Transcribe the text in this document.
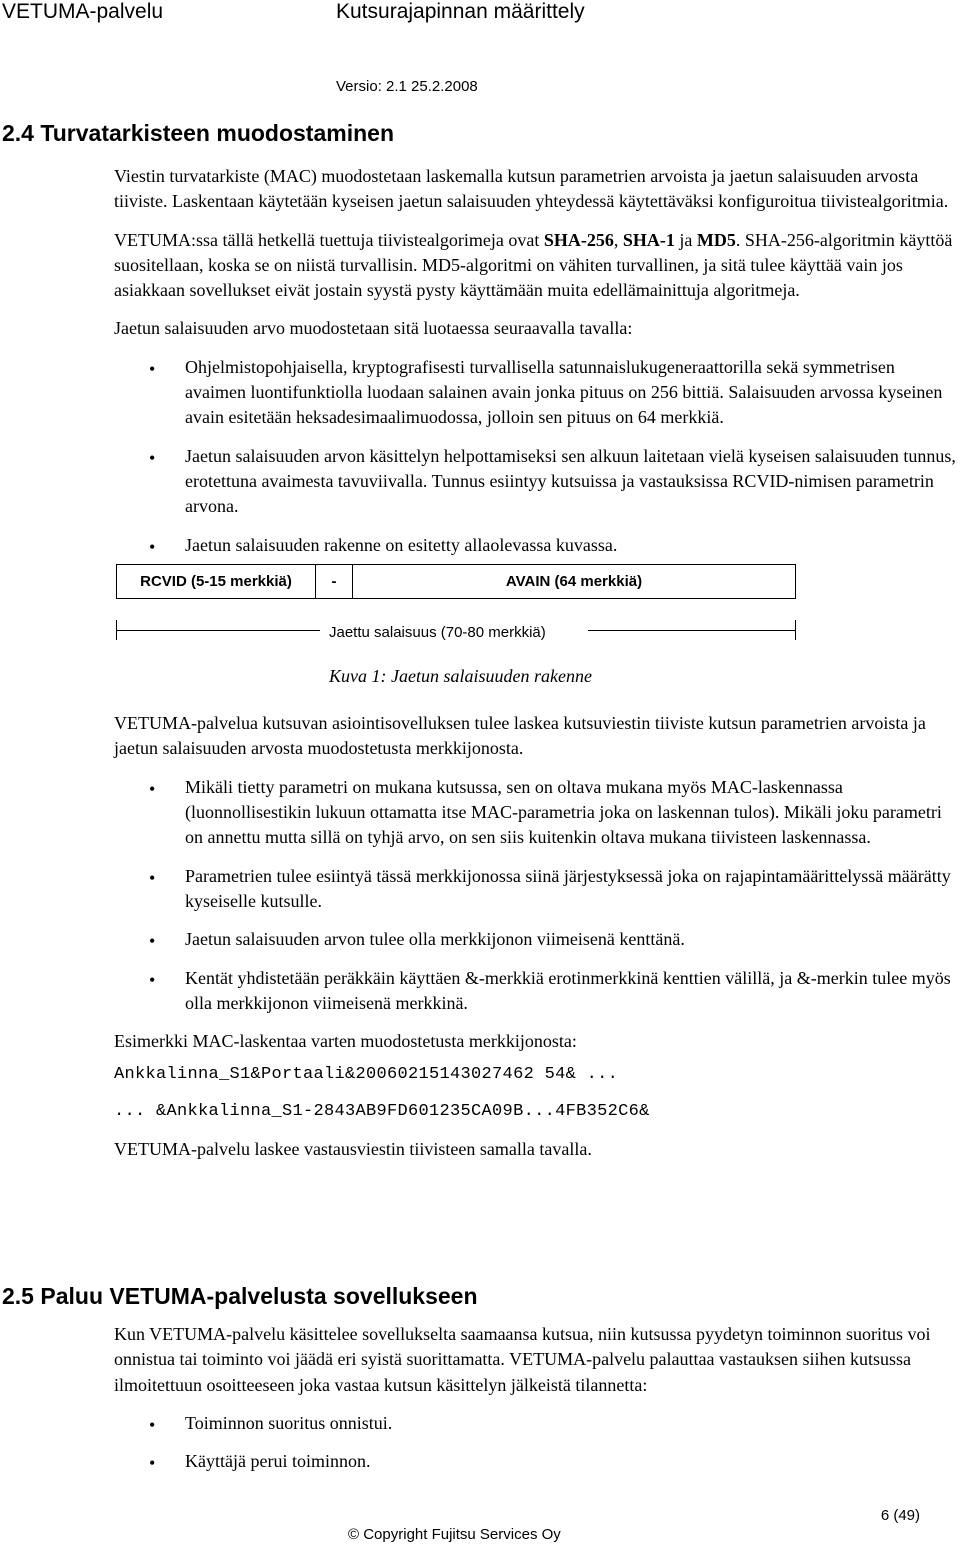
VETUMA-palvelu	Kutsurajapinnan määrittely
Versio: 2.1 25.2.2008
2.4 Turvatarkisteen muodostaminen

Viestin turvatarkiste (MAC) muodostetaan laskemalla kutsun parametrien arvoista ja jaetun salaisuuden arvosta tiiviste. Laskentaan käytetään kyseisen jaetun salaisuuden yhteydessä käytettäväksi konfiguroitua tiivistealgoritmia.

VETUMA:ssa tällä hetkellä tuettuja tiivistealgorimeja ovat SHA-256, SHA-1 ja MD5. SHA-256-algoritmin käyttöä suositellaan, koska se on niistä turvallisin. MD5-algoritmi on vähiten turvallinen, ja sitä tulee käyttää vain jos asiakkaan sovellukset eivät jostain syystä pysty käyttämään muita edellämainittuja algoritmeja.

Jaetun salaisuuden arvo muodostetaan sitä luotaessa seuraavalla tavalla:

• Ohjelmistopohjaisella, kryptografisesti turvallisella satunnaislukugeneraattorilla sekä symmetrisen avaimen luontifunktiolla luodaan salainen avain jonka pituus on 256 bittiä. Salaisuuden arvossa kyseinen avain esitetään heksadesimaalimuodossa, jolloin sen pituus on 64 merkkiä.
• Jaetun salaisuuden arvon käsittelyn helpottamiseksi sen alkuun laitetaan vielä kyseisen salaisuuden tunnus, erotettuna avaimesta tavuviivalla. Tunnus esiintyy kutsuissa ja vastauksissa RCVID-nimisen parametrin arvona.
• Jaetun salaisuuden rakenne on esitetty allaolevassa kuvassa.
RCVID (5-15 merkkiä)	-	AVAIN (64 merkkiä)
Jaettu salaisuus (70-80 merkkiä)

Kuva 1: Jaetun salaisuuden rakenne

VETUMA-palvelua kutsuvan asiointisovelluksen tulee laskea kutsuviestin tiiviste kutsun parametrien arvoista ja jaetun salaisuuden arvosta muodostetusta merkkijonosta.

• Mikäli tietty parametri on mukana kutsussa, sen on oltava mukana myös MAC-laskennassa (luonnollisestikin lukuun ottamatta itse MAC-parametria joka on laskennan tulos). Mikäli joku parametri on annettu mutta sillä on tyhjä arvo, on sen siis kuitenkin oltava mukana tiivisteen laskennassa.
• Parametrien tulee esiintyä tässä merkkijonossa siinä järjestyksessä joka on rajapintamäärittelyssä määrätty kyseiselle kutsulle.
• Jaetun salaisuuden arvon tulee olla merkkijonon viimeisenä kenttänä.
• Kentät yhdistetään peräkkäin käyttäen &-merkkiä erotinmerkkinä kenttien välillä, ja &-merkin tulee myös olla merkkijonon viimeisenä merkkinä.

Esimerkki MAC-laskentaa varten muodostetusta merkkijonosta:

Ankkalinna_S1&Portaali&20060215143027462 54& ...

... &Ankkalinna_S1-2843AB9FD601235CA09B...4FB352C6&

VETUMA-palvelu laskee vastausviestin tiivisteen samalla tavalla.

2.5 Paluu VETUMA-palvelusta sovellukseen

Kun VETUMA-palvelu käsittelee sovellukselta saamaansa kutsua, niin kutsussa pyydetyn toiminnon suoritus voi onnistua tai toiminto voi jäädä eri syistä suorittamatta. VETUMA-palvelu palauttaa vastauksen siihen kutsussa ilmoitettuun osoitteeseen joka vastaa kutsun käsittelyn jälkeistä tilannetta:

• Toiminnon suoritus onnistui.
• Käyttäjä perui toiminnon.
6 (49)
© Copyright Fujitsu Services Oy
